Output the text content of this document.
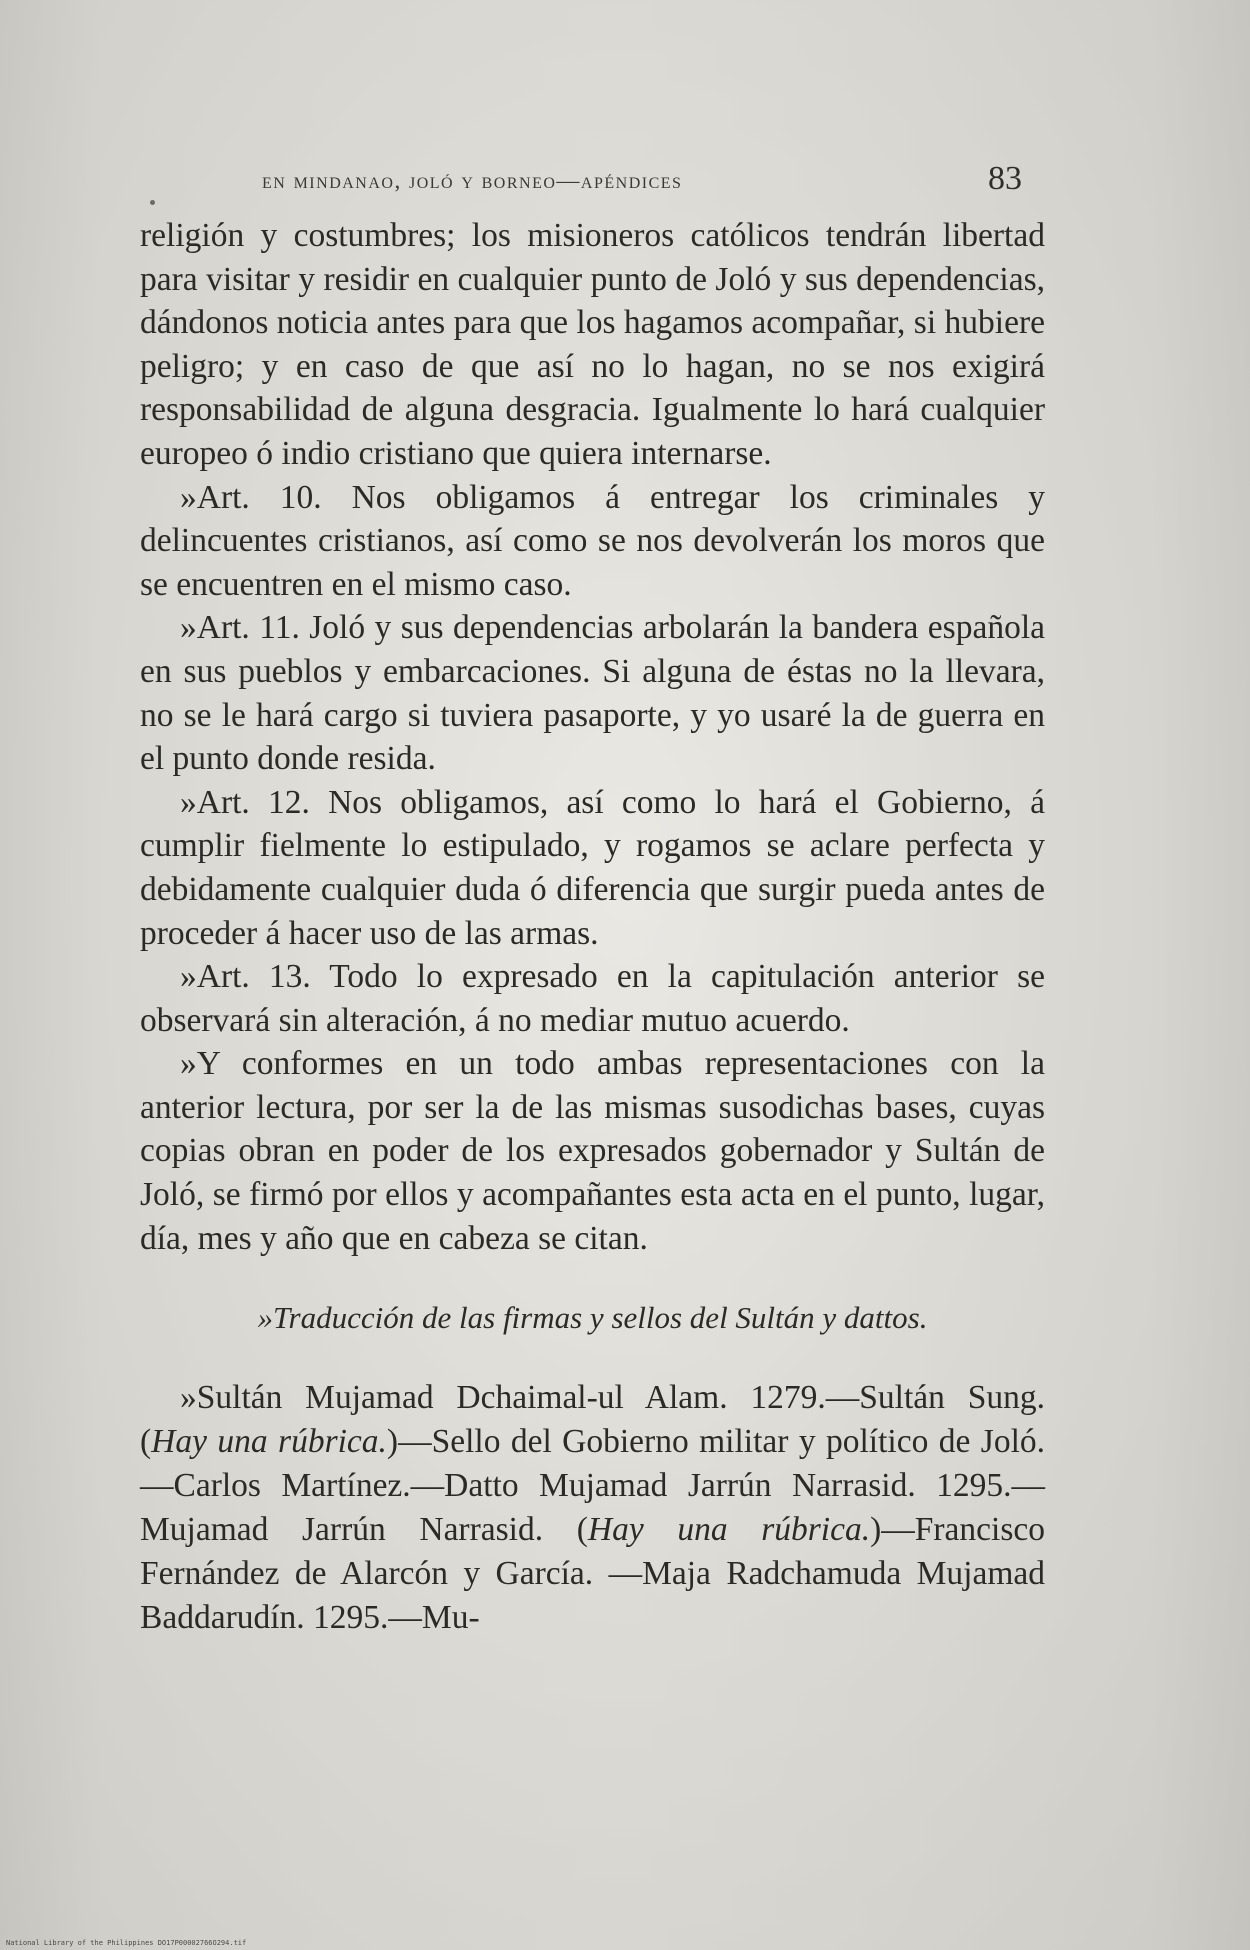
en mindanao, joló y borneo—apéndices	83

religión y costumbres; los misioneros católicos tendrán libertad para visitar y residir en cualquier punto de Joló y sus dependencias, dándonos noticia antes para que los hagamos acompañar, si hubiere peligro; y en caso de que así no lo hagan, no se nos exigirá responsabilidad de alguna desgracia. Igualmente lo hará cualquier europeo ó indio cristiano que quiera internarse.

»Art. 10. Nos obligamos á entregar los criminales y delincuentes cristianos, así como se nos devolverán los moros que se encuentren en el mismo caso.

»Art. 11. Joló y sus dependencias arbolarán la bandera española en sus pueblos y embarcaciones. Si alguna de éstas no la llevara, no se le hará cargo si tuviera pasaporte, y yo usaré la de guerra en el punto donde resida.

»Art. 12. Nos obligamos, así como lo hará el Gobierno, á cumplir fielmente lo estipulado, y rogamos se aclare perfecta y debidamente cualquier duda ó diferencia que surgir pueda antes de proceder á hacer uso de las armas.

»Art. 13. Todo lo expresado en la capitulación anterior se observará sin alteración, á no mediar mutuo acuerdo.

»Y conformes en un todo ambas representaciones con la anterior lectura, por ser la de las mismas susodichas bases, cuyas copias obran en poder de los expresados gobernador y Sultán de Joló, se firmó por ellos y acompañantes esta acta en el punto, lugar, día, mes y año que en cabeza se citan.

»Traducción de las firmas y sellos del Sultán y dattos.

»Sultán Mujamad Dchaimal-ul Alam. 1279.—Sultán Sung. (Hay una rúbrica.)—Sello del Gobierno militar y político de Joló.—Carlos Martínez.—Datto Mujamad Jarrún Narrasid. 1295.—Mujamad Jarrún Narrasid. (Hay una rúbrica.)—Francisco Fernández de Alarcón y García. —Maja Radchamuda Mujamad Baddarudín. 1295.—Mu-

National Library of the Philippines DO17P00002766O294.tif
